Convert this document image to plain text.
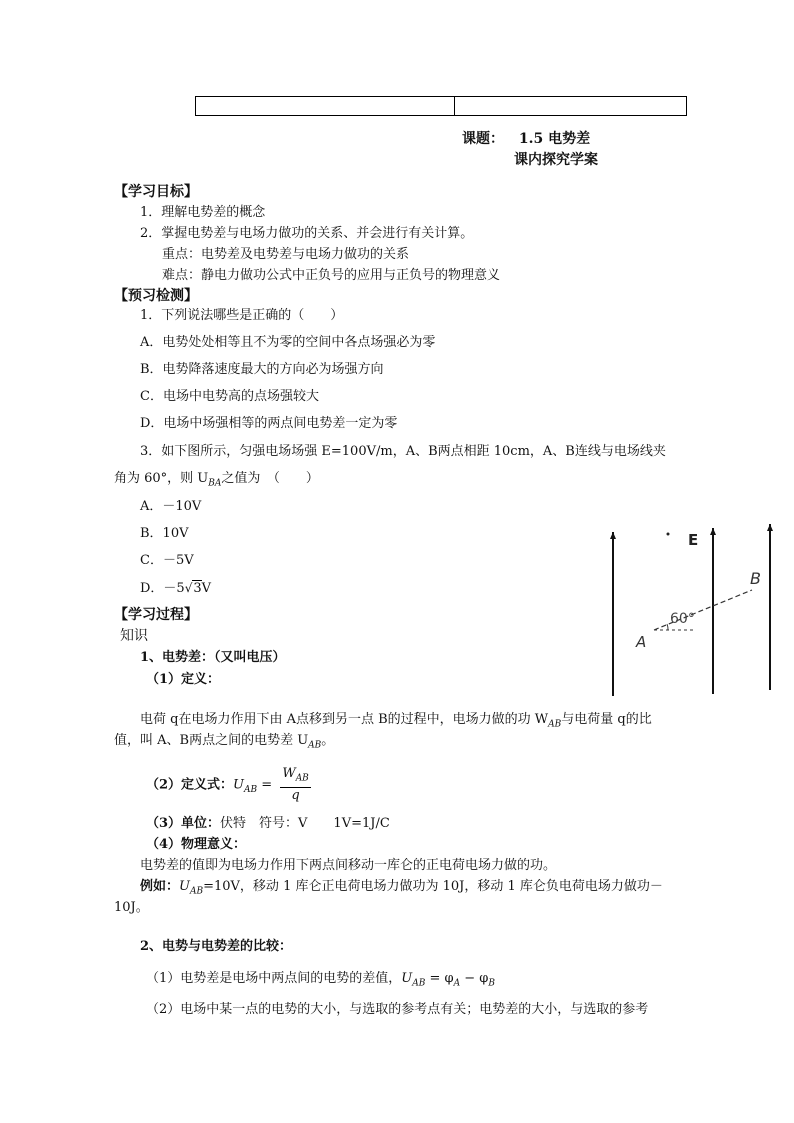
课题： 1.5 电势差
课内探究学案
【学习目标】
1．理解电势差的概念
2．掌握电势差与电场力做功的关系、并会进行有关计算。
重点：电势差及电势差与电场力做功的关系
难点：静电力做功公式中正负号的应用与正负号的物理意义
【预习检测】
1．下列说法哪些是正确的（　　）
A．电势处处相等且不为零的空间中各点场强必为零
B．电势降落速度最大的方向必为场强方向
C．电场中电势高的点场强较大
D．电场中场强相等的两点间电势差一定为零
3．如下图所示，匀强电场场强 E=100V/m，A、B两点相距 10cm，A、B连线与电场线夹
角为 60°，则 $U_{BA}$之值为　（　　）
A．－10V
B．10V
C．－5V
D．－5√3V
A
B
E
60°
【学习过程】
知识
1、电势差：（又叫电压）
（1）定义：
电荷 q在电场力作用下由 A点移到另一点 B的过程中，电场力做的功 $W_{AB}$与电荷量 q的比
值，叫 A、B两点之间的电势差 $U_{AB}$。
（2）定义式：$U_{AB} = \frac{W_{AB}}{q}$
（3）单位：伏特　符号：V　　1V=1J/C
（4）物理意义：
电势差的值即为电场力作用下两点间移动一库仑的正电荷电场力做的功。
例如：$U_{AB}=10V$，移动 1 库仑正电荷电场力做功为 10J，移动 1 库仑负电荷电场力做功－
10J。
2、电势与电势差的比较：
（1）电势差是电场中两点间的电势的差值，$U_{AB} = \varphi_A - \varphi_B$
（2）电场中某一点的电势的大小，与选取的参考点有关；电势差的大小，与选取的参考
